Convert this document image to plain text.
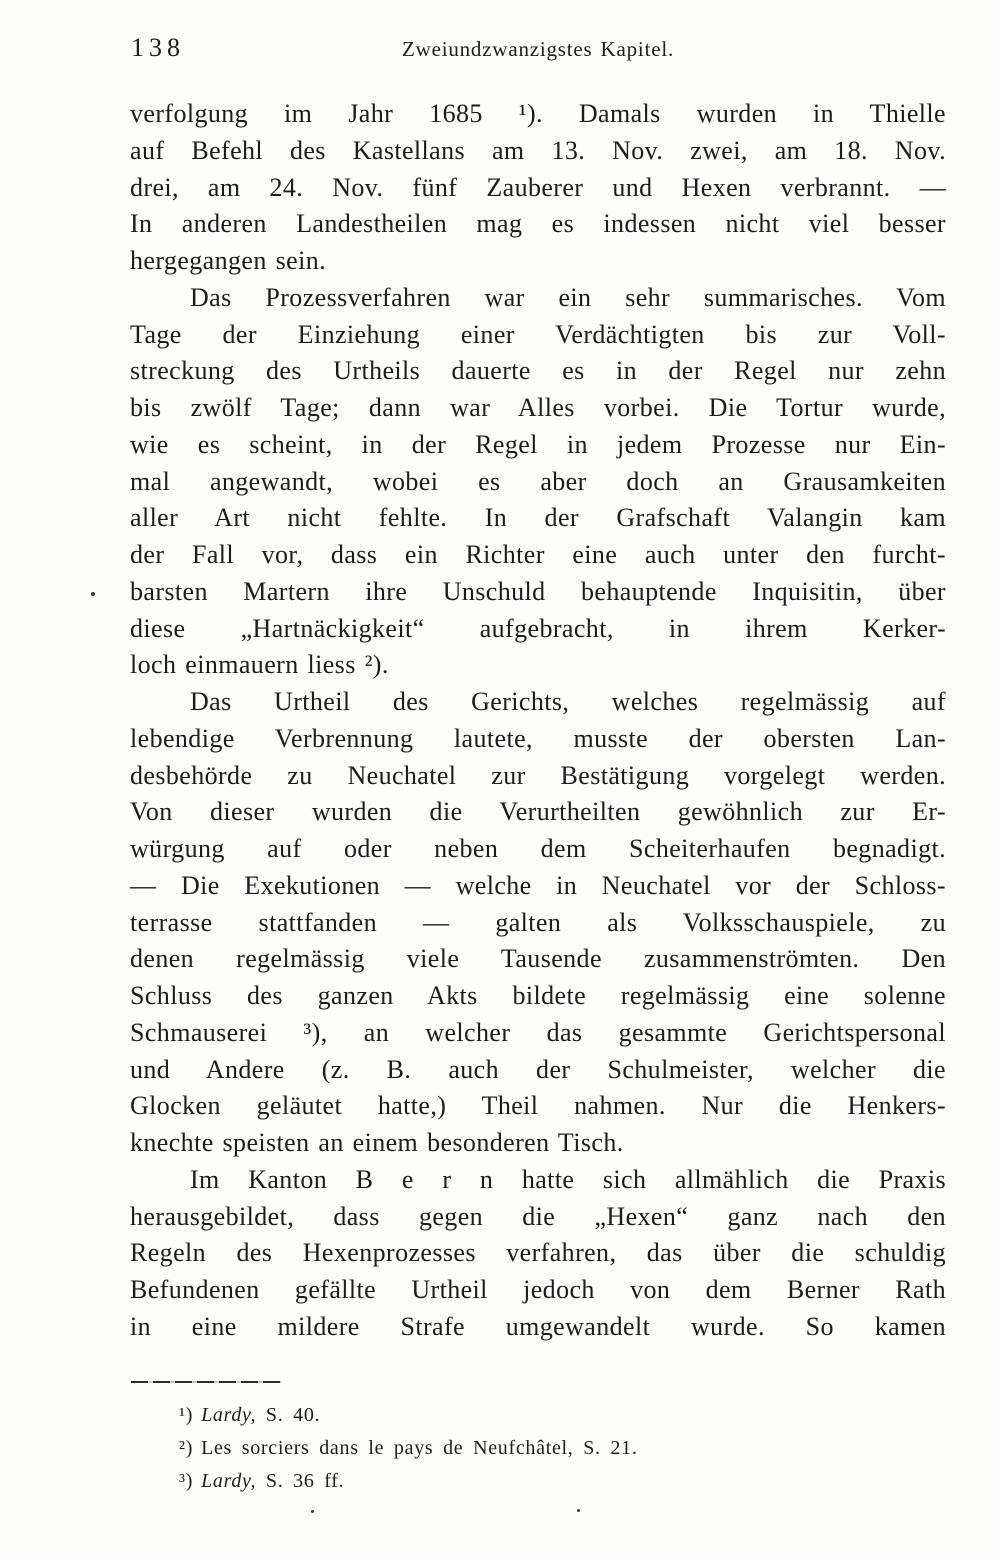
138	Zweiundzwanzigstes Kapitel.
verfolgung im Jahr 1685 ¹). Damals wurden in Thielle
auf Befehl des Kastellans am 13. Nov. zwei, am 18. Nov.
drei, am 24. Nov. fünf Zauberer und Hexen verbrannt. —
In anderen Landestheilen mag es indessen nicht viel besser
hergegangen sein.
Das Prozessverfahren war ein sehr summarisches. Vom
Tage der Einziehung einer Verdächtigten bis zur Voll-
streckung des Urtheils dauerte es in der Regel nur zehn
bis zwölf Tage; dann war Alles vorbei. Die Tortur wurde,
wie es scheint, in der Regel in jedem Prozesse nur Ein-
mal angewandt, wobei es aber doch an Grausamkeiten
aller Art nicht fehlte. In der Grafschaft Valangin kam
der Fall vor, dass ein Richter eine auch unter den furcht-
barsten Martern ihre Unschuld behauptende Inquisitin, über
diese „Hartnäckigkeit“ aufgebracht, in ihrem Kerker-
loch einmauern liess ²).
Das Urtheil des Gerichts, welches regelmässig auf
lebendige Verbrennung lautete, musste der obersten Lan-
desbehörde zu Neuchatel zur Bestätigung vorgelegt werden.
Von dieser wurden die Verurtheilten gewöhnlich zur Er-
würgung auf oder neben dem Scheiterhaufen begnadigt.
— Die Exekutionen — welche in Neuchatel vor der Schloss-
terrasse stattfanden — galten als Volksschauspiele, zu
denen regelmässig viele Tausende zusammenströmten. Den
Schluss des ganzen Akts bildete regelmässig eine solenne
Schmauserei ³), an welcher das gesammte Gerichtspersonal
und Andere (z. B. auch der Schulmeister, welcher die
Glocken geläutet hatte,) Theil nahmen. Nur die Henkers-
knechte speisten an einem besonderen Tisch.
Im Kanton B e r n hatte sich allmählich die Praxis
herausgebildet, dass gegen die „Hexen“ ganz nach den
Regeln des Hexenprozesses verfahren, das über die schuldig
Befundenen gefällte Urtheil jedoch von dem Berner Rath
in eine mildere Strafe umgewandelt wurde. So kamen
¹) Lardy, S. 40.
²) Les sorciers dans le pays de Neufchâtel, S. 21.
³) Lardy, S. 36 ff.
